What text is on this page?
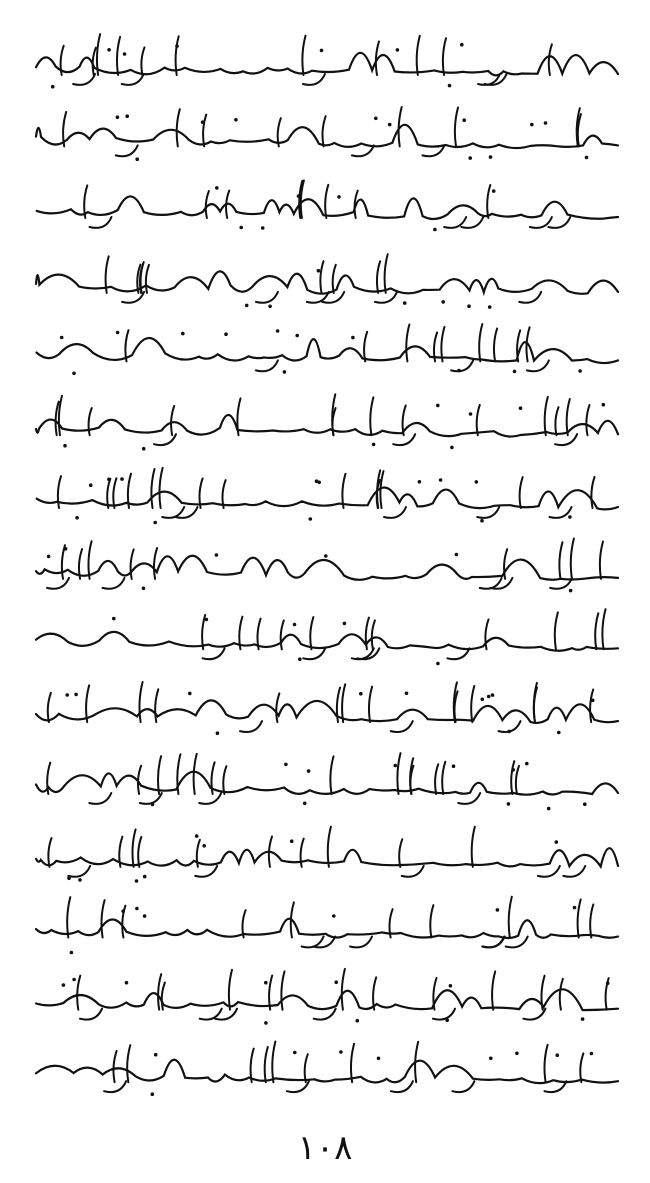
١٠٨
